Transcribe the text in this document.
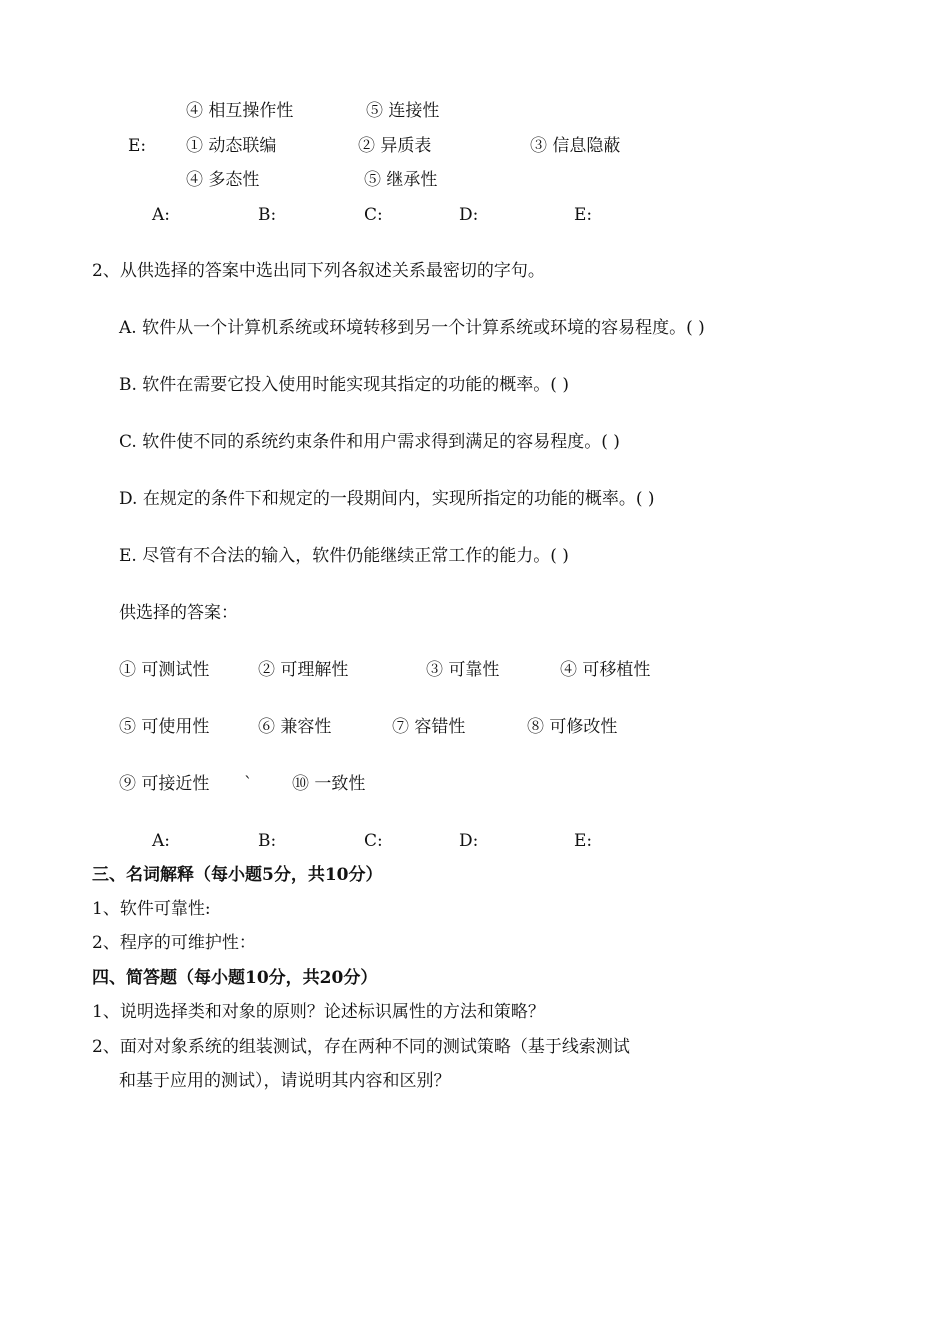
④ 相互操作性	⑤ 连接性
E: ① 动态联编	② 异质表	③ 信息隐蔽
④ 多态性	⑤ 继承性
A:	B:	C:	D:	E:
2、从供选择的答案中选出同下列各叙述关系最密切的字句。
A. 软件从一个计算机系统或环境转移到另一个计算系统或环境的容易程度。( )
B. 软件在需要它投入使用时能实现其指定的功能的概率。( )
C. 软件使不同的系统约束条件和用户需求得到满足的容易程度。( )
D. 在规定的条件下和规定的一段期间内，实现所指定的功能的概率。( )
E. 尽管有不合法的输入，软件仍能继续正常工作的能力。( )
供选择的答案：
① 可测试性	② 可理解性	③ 可靠性	④ 可移植性
⑤ 可使用性	⑥ 兼容性	⑦ 容错性	⑧ 可修改性
⑨ 可接近性 ` ⑩ 一致性
A:	B:	C:	D:	E:
三、名词解释（每小题5分，共10分）
1、软件可靠性:
2、程序的可维护性：
四、简答题（每小题10分，共20分）
1、说明选择类和对象的原则？论述标识属性的方法和策略？
2、面对对象系统的组装测试，存在两种不同的测试策略（基于线索测试
和基于应用的测试），请说明其内容和区别？
